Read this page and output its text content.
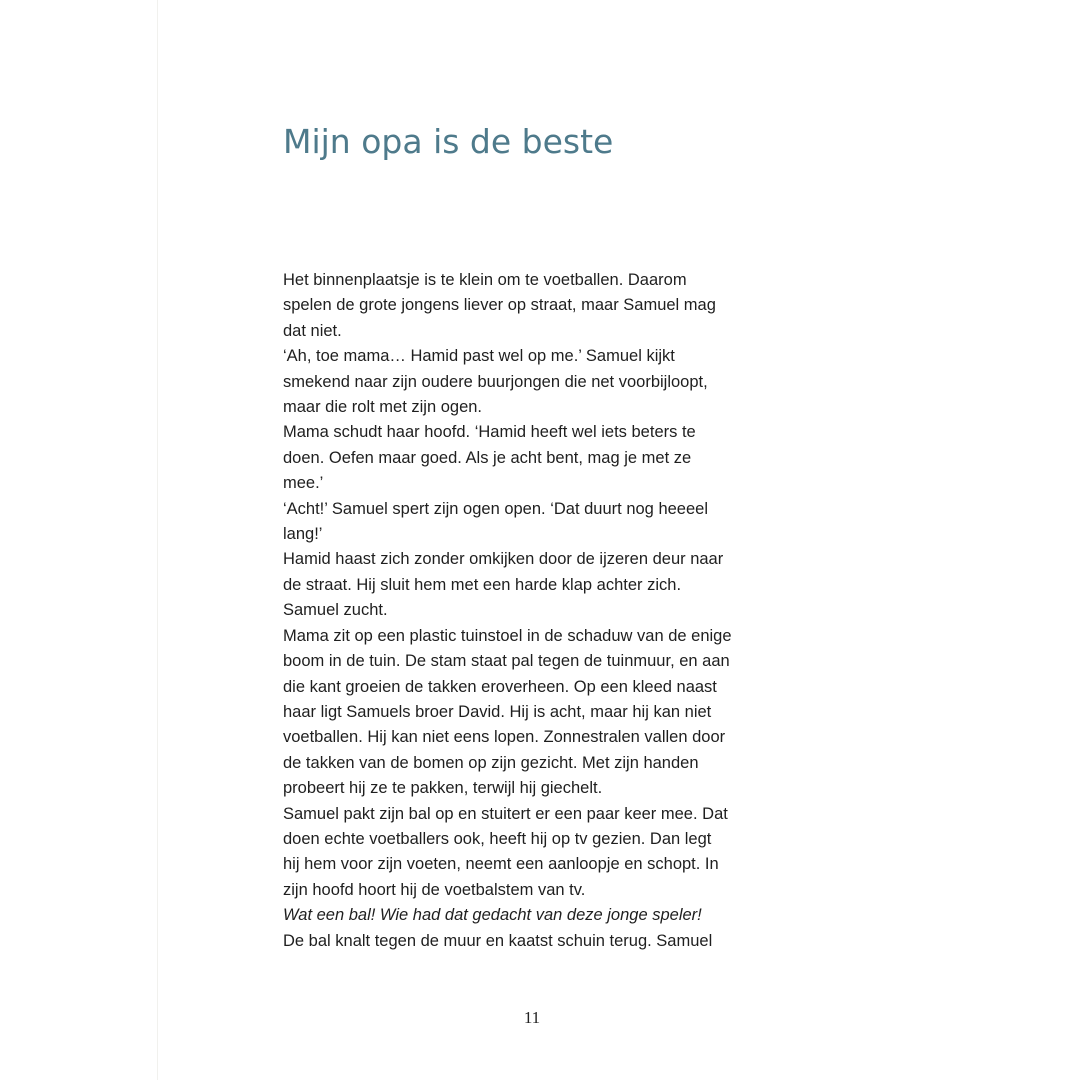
Mijn opa is de beste
Het binnenplaatsje is te klein om te voetballen. Daarom
spelen de grote jongens liever op straat, maar Samuel mag
dat niet.
‘Ah, toe mama… Hamid past wel op me.’ Samuel kijkt
smekend naar zijn oudere buurjongen die net voorbijloopt,
maar die rolt met zijn ogen.
Mama schudt haar hoofd. ‘Hamid heeft wel iets beters te
doen. Oefen maar goed. Als je acht bent, mag je met ze
mee.’
‘Acht!’ Samuel spert zijn ogen open. ‘Dat duurt nog heeeel
lang!’
Hamid haast zich zonder omkijken door de ijzeren deur naar
de straat. Hij sluit hem met een harde klap achter zich.
Samuel zucht.
Mama zit op een plastic tuinstoel in de schaduw van de enige
boom in de tuin. De stam staat pal tegen de tuinmuur, en aan
die kant groeien de takken eroverheen. Op een kleed naast
haar ligt Samuels broer David. Hij is acht, maar hij kan niet
voetballen. Hij kan niet eens lopen. Zonnestralen vallen door
de takken van de bomen op zijn gezicht. Met zijn handen
probeert hij ze te pakken, terwijl hij giechelt.
Samuel pakt zijn bal op en stuitert er een paar keer mee. Dat
doen echte voetballers ook, heeft hij op tv gezien. Dan legt
hij hem voor zijn voeten, neemt een aanloopje en schopt. In
zijn hoofd hoort hij de voetbalstem van tv.
Wat een bal! Wie had dat gedacht van deze jonge speler!
De bal knalt tegen de muur en kaatst schuin terug. Samuel
11
